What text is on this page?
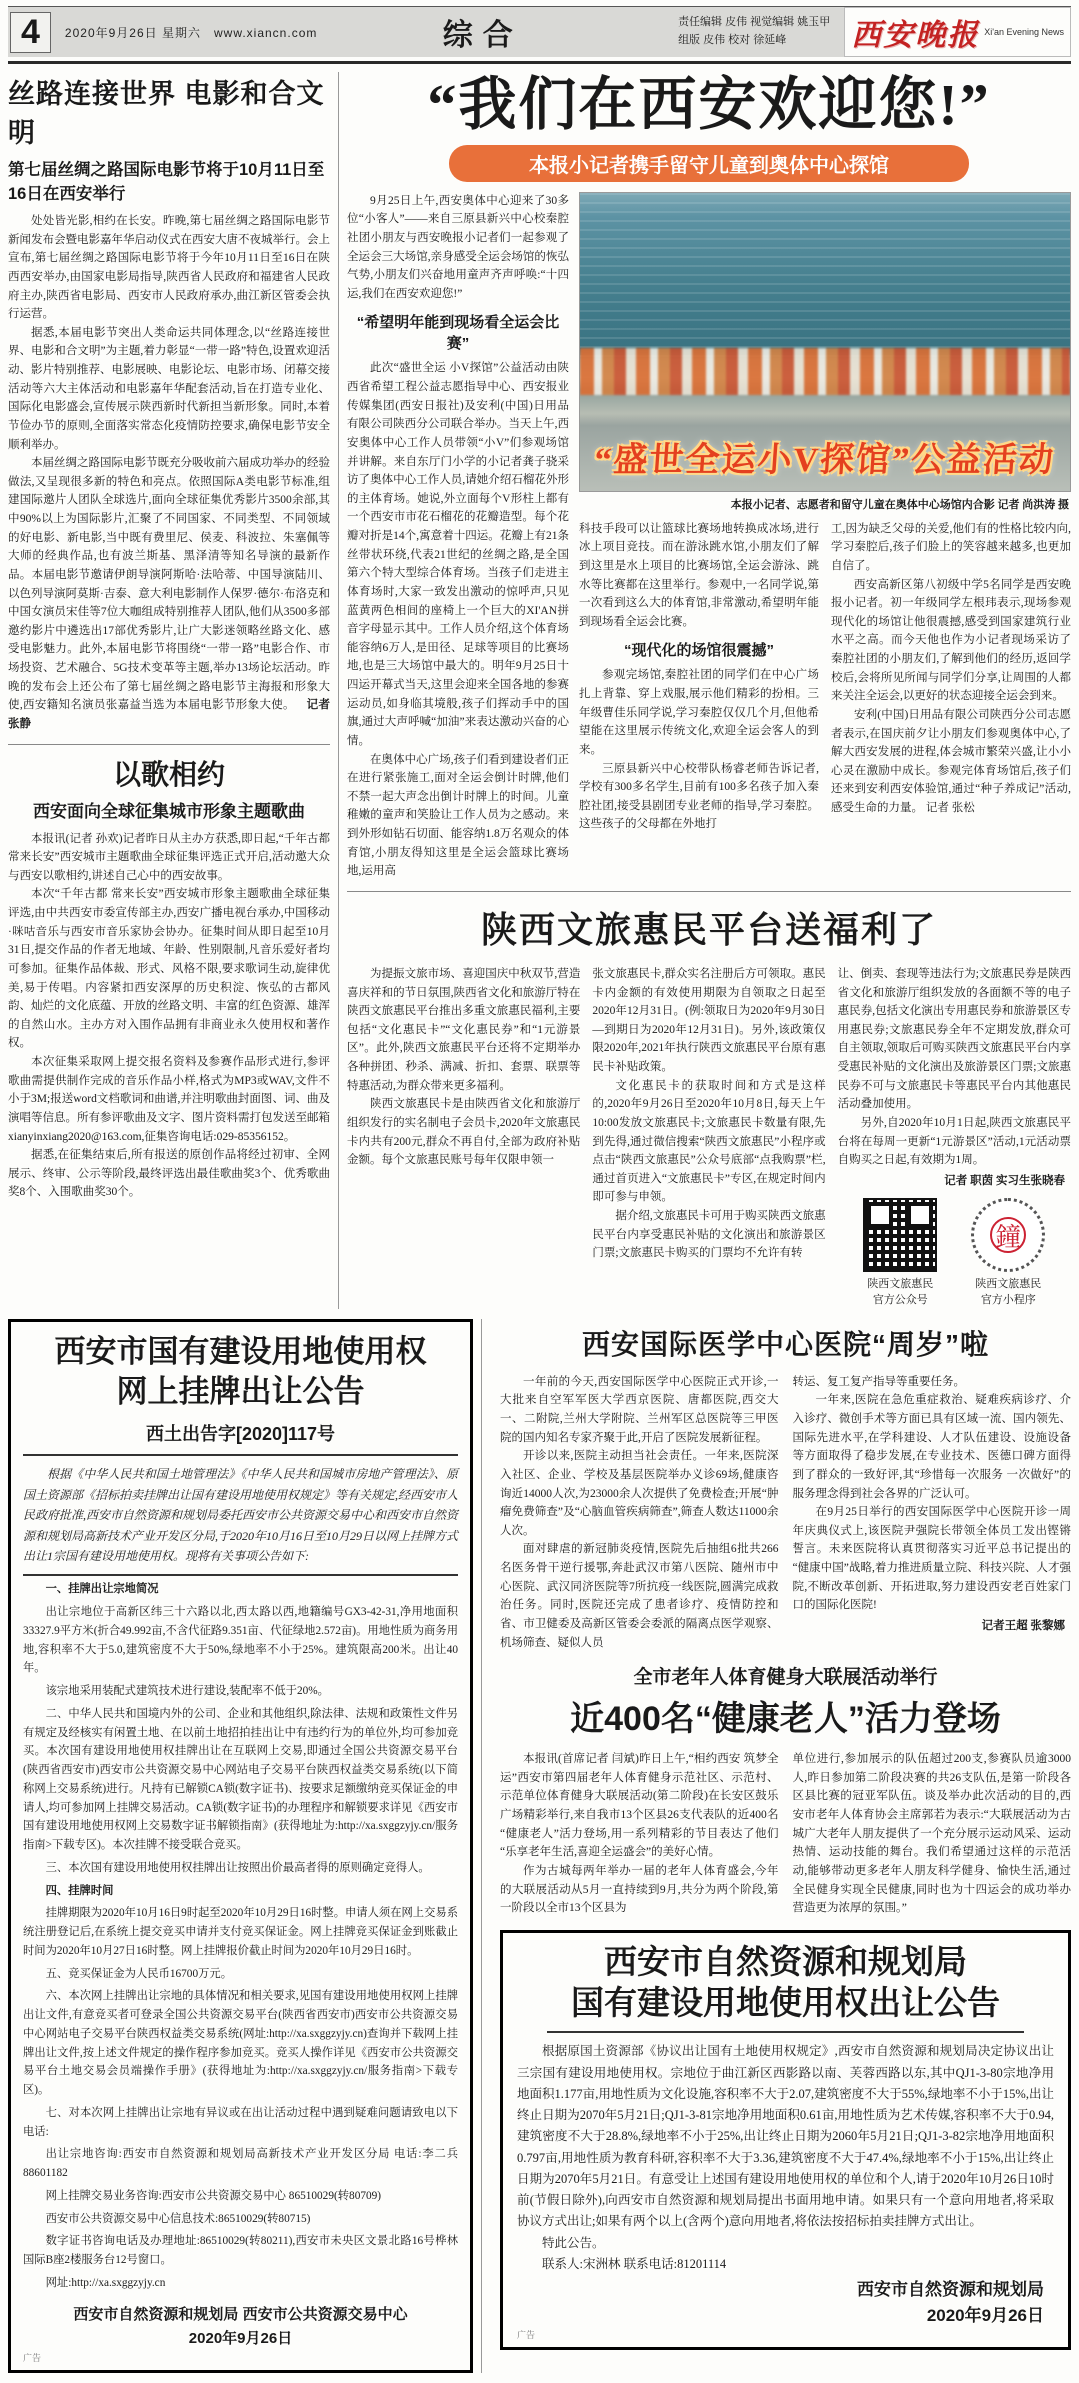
4	2020年9月26日 星期六 www.xiancn.com	综合	责任编辑 皮伟 视觉编辑 姚玉甲
组版 皮伟 校对 徐延峰	西安晚报 Xi'an Evening News
丝路连接世界 电影和合文明
第七届丝绸之路国际电影节将于10月11日至16日在西安举行

处处皆光影,相约在长安。昨晚,第七届丝绸之路国际电影节新闻发布会暨电影嘉年华启动仪式在西安大唐不夜城举行。会上宣布,第七届丝绸之路国际电影节将于今年10月11日至16日在陕西西安举办,由国家电影局指导,陕西省人民政府和福建省人民政府主办,陕西省电影局、西安市人民政府承办,曲江新区管委会执行运营。

据悉,本届电影节突出人类命运共同体理念,以“丝路连接世界、电影和合文明”为主题,着力彰显“一带一路”特色,设置欢迎活动、影片特别推荐、电影展映、电影论坛、电影市场、闭幕交接活动等六大主体活动和电影嘉年华配套活动,旨在打造专业化、国际化电影盛会,宣传展示陕西新时代新担当新形象。同时,本着节俭办节的原则,全面落实常态化疫情防控要求,确保电影节安全顺利举办。

本届丝绸之路国际电影节既充分吸收前六届成功举办的经验做法,又呈现很多新的特色和亮点。依照国际A类电影节标准,组建国际邀片人团队全球选片,面向全球征集优秀影片3500余部,其中90%以上为国际影片,汇聚了不同国家、不同类型、不同领域的好电影、新电影,当中既有费里尼、侯麦、科波拉、朱塞佩等大师的经典作品,也有波兰斯基、黑泽清等知名导演的最新作品。本届电影节邀请伊朗导演阿斯哈·法哈蒂、中国导演陆川、以色列导演阿莫斯·吉泰、意大利电影制作人保罗·德尔·布洛克和中国女演员宋佳等7位大咖组成特别推荐人团队,他们从3500多部邀约影片中遴选出17部优秀影片,让广大影迷领略丝路文化、感受电影魅力。此外,本届电影节将围绕“一带一路”电影合作、市场投资、艺术融合、5G技术变革等主题,举办13场论坛活动。昨晚的发布会上还公布了第七届丝绸之路电影节主海报和形象大使,西安籍知名演员张嘉益当选为本届电影节形象大使。  记者 张静

以歌相约
西安面向全球征集城市形象主题歌曲

本报讯(记者 孙欢)记者昨日从主办方获悉,即日起,“千年古都 常来长安”西安城市主题歌曲全球征集评选正式开启,活动邀大众与西安以歌相约,讲述自己心中的西安故事。

本次“千年古都 常来长安”西安城市形象主题歌曲全球征集评选,由中共西安市委宣传部主办,西安广播电视台承办,中国移动·咪咕音乐与西安市音乐家协会协办。征集时间从即日起至10月31日,提交作品的作者无地域、年龄、性别限制,凡音乐爱好者均可参加。征集作品体裁、形式、风格不限,要求歌词生动,旋律优美,易于传唱。内容紧扣西安深厚的历史积淀、恢弘的古都风韵、灿烂的文化底蕴、开放的丝路文明、丰富的红色资源、雄浑的自然山水。主办方对入围作品拥有非商业永久使用权和著作权。

本次征集采取网上提交报名资料及参赛作品形式进行,参评歌曲需提供制作完成的音乐作品小样,格式为MP3或WAV,文件不小于3M;报送word文档歌词和曲谱,并注明歌曲封面图、词、曲及演唱等信息。所有参评歌曲及文字、图片资料需打包发送至邮箱xianyinxiang2020@163.com,征集咨询电话:029-85356152。

据悉,在征集结束后,所有报送的原创作品将经过初审、全网展示、终审、公示等阶段,最终评选出最佳歌曲奖3个、优秀歌曲奖8个、入围歌曲奖30个。

“我们在西安欢迎您!”
本报小记者携手留守儿童到奥体中心探馆

9月25日上午,西安奥体中心迎来了30多位“小客人”——来自三原县新兴中心校秦腔社团小朋友与西安晚报小记者们一起参观了全运会三大场馆,亲身感受全运会场馆的恢弘气势,小朋友们兴奋地用童声齐声呼唤:“十四运,我们在西安欢迎您!”

“希望明年能到现场看全运会比赛”

此次“盛世全运 小V探馆”公益活动由陕西省希望工程公益志愿指导中心、西安报业传媒集团(西安日报社)及安利(中国)日用品有限公司陕西分公司联合举办。当天上午,西安奥体中心工作人员带领“小V”们参观场馆并讲解。来自东厅门小学的小记者龚子骁采访了奥体中心工作人员,请她介绍石榴花外形的主体育场。她说,外立面每个V形柱上都有一个西安市市花石榴花的花瓣造型。每个花瓣对折是14个,寓意着十四运。花瓣上有21条丝带状环绕,代表21世纪的丝绸之路,是全国第六个特大型综合体育场。当孩子们走进主体育场时,大家一致发出激动的惊呼声,只见蓝黄两色相间的座椅上一个巨大的XI'AN拼音字母显示其中。工作人员介绍,这个体育场能容纳6万人,是田径、足球等项目的比赛场地,也是三大场馆中最大的。明年9月25日十四运开幕式当天,这里会迎来全国各地的参赛运动员,如身临其境般,孩子们挥动手中的国旗,通过大声呼喊“加油”来表达激动兴奋的心情。

在奥体中心广场,孩子们看到建设者们正在进行紧张施工,面对全运会倒计时牌,他们不禁一起大声念出倒计时牌上的时间。儿童稚嫩的童声和笑脸让工作人员为之感动。来到外形如钻石切面、能容纳1.8万名观众的体育馆,小朋友得知这里是全运会篮球比赛场地,运用高

“盛世全运小V探馆”公益活动
本报小记者、志愿者和留守儿童在奥体中心场馆内合影 记者 尚洪涛 摄

科技手段可以让篮球比赛场地转换成冰场,进行冰上项目竞技。而在游泳跳水馆,小朋友们了解到这里是水上项目的比赛场馆,全运会游泳、跳水等比赛都在这里举行。参观中,一名同学说,第一次看到这么大的体育馆,非常激动,希望明年能到现场看全运会比赛。

“现代化的场馆很震撼”

参观完场馆,秦腔社团的同学们在中心广场扎上背靠、穿上戏服,展示他们精彩的扮相。三年级曹佳乐同学说,学习秦腔仅仅几个月,但他希望能在这里展示传统文化,欢迎全运会客人的到来。

三原县新兴中心校带队杨睿老师告诉记者,学校有300多名学生,目前有100多名孩子加入秦腔社团,接受县剧团专业老师的指导,学习秦腔。这些孩子的父母都在外地打

工,因为缺乏父母的关爱,他们有的性格比较内向,学习秦腔后,孩子们脸上的笑容越来越多,也更加自信了。

西安高新区第八初级中学5名同学是西安晚报小记者。初一年级同学左根玮表示,现场参观现代化的场馆让他很震撼,感受到国家建筑行业水平之高。而今天他也作为小记者现场采访了秦腔社团的小朋友们,了解到他们的经历,返回学校后,会将所见所闻与同学们分享,让周围的人都来关注全运会,以更好的状态迎接全运会到来。

安利(中国)日用品有限公司陕西分公司志愿者表示,在国庆前夕让小朋友们参观奥体中心,了解大西安发展的进程,体会城市繁荣兴盛,让小小心灵在激励中成长。参观完体育场馆后,孩子们还来到安利西安体验馆,通过“种子养成记”活动,感受生命的力量。 记者 张松

陕西文旅惠民平台送福利了

为提振文旅市场、喜迎国庆中秋双节,营造喜庆祥和的节日氛围,陕西省文化和旅游厅特在陕西文旅惠民平台推出多重文旅惠民福利,主要包括“文化惠民卡”“文化惠民券”和“1元游景区”。此外,陕西文旅惠民平台还将不定期举办各种拼团、秒杀、满减、折扣、套票、联票等特惠活动,为群众带来更多福利。

陕西文旅惠民卡是由陕西省文化和旅游厅组织发行的实名制电子会员卡,2020年文旅惠民卡内共有200元,群众不再自付,全部为政府补贴金额。每个文旅惠民账号每年仅限申领一

张文旅惠民卡,群众实名注册后方可领取。惠民卡内金额的有效使用期限为自领取之日起至2020年12月31日。(例:领取日为2020年9月30日—到期日为2020年12月31日)。另外,该政策仅限2020年,2021年执行陕西文旅惠民平台原有惠民卡补贴政策。

文化惠民卡的获取时间和方式是这样的,2020年9月26日至2020年10月8日,每天上午10:00发放文旅惠民卡;文旅惠民卡数量有限,先到先得,通过微信搜索“陕西文旅惠民”小程序或点击“陕西文旅惠民”公众号底部“点我购票”栏,通过首页进入“文旅惠民卡”专区,在规定时间内即可参与申领。

据介绍,文旅惠民卡可用于购买陕西文旅惠民平台内享受惠民补贴的文化演出和旅游景区门票;文旅惠民卡购买的门票均不允许有转

让、倒卖、套现等违法行为;文旅惠民券是陕西省文化和旅游厅组织发放的各面额不等的电子惠民券,包括文化演出专用惠民券和旅游景区专用惠民券;文旅惠民券全年不定期发放,群众可自主领取,领取后可购买陕西文旅惠民平台内享受惠民补贴的文化演出及旅游景区门票;文旅惠民券不可与文旅惠民卡等惠民平台内其他惠民活动叠加使用。

另外,自2020年10月1日起,陕西文旅惠民平台将在每周一更新“1元游景区”活动,1元活动票自购买之日起,有效期为1周。

记者 职茵 实习生张晓春
陕西文旅惠民
官方公众号
鐘
陕西文旅惠民
官方小程序
西安市国有建设用地使用权
网上挂牌出让公告
西土出告字[2020]117号

根据《中华人民共和国土地管理法》《中华人民共和国城市房地产管理法》、原国土资源部《招标拍卖挂牌出让国有建设用地使用权规定》等有关规定,经西安市人民政府批准,西安市自然资源和规划局委托西安市公共资源交易中心和西安市自然资源和规划局高新技术产业开发区分局,于2020年10月16日至10月29日以网上挂牌方式出让1宗国有建设用地使用权。现将有关事项公告如下:

一、挂牌出让宗地简况

出让宗地位于高新区纬三十六路以北,西太路以西,地籍编号GX3-42-31,净用地面积33327.9平方米(折合49.992亩,不含代征路9.351亩、代征绿地2.572亩)。用地性质为商务用地,容积率不大于5.0,建筑密度不大于50%,绿地率不小于25%。建筑限高200米。出让40年。

该宗地采用装配式建筑技术进行建设,装配率不低于20%。

二、中华人民共和国境内外的公司、企业和其他组织,除法律、法规和政策性文件另有规定及经核实有闲置土地、在以前土地招拍挂出让中有违约行为的单位外,均可参加竞买。本次国有建设用地使用权挂牌出让在互联网上交易,即通过全国公共资源交易平台(陕西省西安市)西安市公共资源交易中心网站电子交易平台陕西权益类交易系统(以下简称网上交易系统)进行。凡持有已解锁CA锁(数字证书)、按要求足额缴纳竞买保证金的申请人,均可参加网上挂牌交易活动。CA锁(数字证书)的办理程序和解锁要求详见《西安市国有建设用地使用权网上交易数字证书解锁指南》(获得地址为:http://xa.sxggzyjy.cn/服务指南>下载专区)。本次挂牌不接受联合竞买。

三、本次国有建设用地使用权挂牌出让按照出价最高者得的原则确定竞得人。

四、挂牌时间

挂牌期限为2020年10月16日9时起至2020年10月29日16时整。申请人须在网上交易系统注册登记后,在系统上提交竞买申请并支付竞买保证金。网上挂牌竞买保证金到账截止时间为2020年10月27日16时整。网上挂牌报价截止时间为2020年10月29日16时。

五、竞买保证金为人民币16700万元。

六、本次网上挂牌出让宗地的具体情况和相关要求,见国有建设用地使用权网上挂牌出让文件,有意竞买者可登录全国公共资源交易平台(陕西省西安市)西安市公共资源交易中心网站电子交易平台陕西权益类交易系统(网址:http://xa.sxggzyjy.cn)查询并下载网上挂牌出让文件,按上述文件规定的操作程序参加竞买。竞买人操作详见《西安市公共资源交易平台土地交易会员端操作手册》(获得地址为:http://xa.sxggzyjy.cn/服务指南>下载专区)。

七、对本次网上挂牌出让宗地有异议或在出让活动过程中遇到疑难问题请致电以下电话:

出让宗地咨询:西安市自然资源和规划局高新技术产业开发区分局 电话:李二兵 88601182

网上挂牌交易业务咨询:西安市公共资源交易中心 86510029(转80709)

西安市公共资源交易中心信息技术:86510029(转80715)

数字证书咨询电话及办理地址:86510029(转80211),西安市未央区文景北路16号桦林国际B座2楼服务台12号窗口。

网址:http://xa.sxggzyjy.cn

西安市自然资源和规划局 西安市公共资源交易中心
2020年9月26日
广告
西安国际医学中心医院“周岁”啦

一年前的今天,西安国际医学中心医院正式开诊,一大批来自空军军医大学西京医院、唐都医院,西交大一、二附院,兰州大学附院、兰州军区总医院等三甲医院的国内知名专家齐聚于此,开启了医院发展新征程。

开诊以来,医院主动担当社会责任。一年来,医院深入社区、企业、学校及基层医院举办义诊69场,健康咨询近14000人次,为23000余人次提供了免费检查;开展“肿瘤免费筛查”及“心脑血管疾病筛查”,筛查人数达11000余人次。

面对肆虐的新冠肺炎疫情,医院先后抽组6批共266名医务骨干逆行援鄂,奔赴武汉市第八医院、随州市中心医院、武汉同济医院等7所抗疫一线医院,圆满完成救治任务。同时,医院还完成了患者诊疗、疫情防控和省、市卫健委及高新区管委会委派的隔离点医学观察、机场筛查、疑似人员

转运、复工复产指导等重要任务。

一年来,医院在急危重症救治、疑难疾病诊疗、介入诊疗、微创手术等方面已具有区域一流、国内领先、国际先进水平,在学科建设、人才队伍建设、设施设备等方面取得了稳步发展,在专业技术、医德口碑方面得到了群众的一致好评,其“珍惜每一次服务 一次做好”的服务理念得到社会各界的广泛认可。

在9月25日举行的西安国际医学中心医院开诊一周年庆典仪式上,该医院尹强院长带领全体员工发出铿锵誓言。未来医院将认真贯彻落实习近平总书记提出的“健康中国”战略,着力推进质量立院、科技兴院、人才强院,不断改革创新、开拓进取,努力建设西安老百姓家门口的国际化医院!

记者王超 张黎娜
全市老年人体育健身大联展活动举行
近400名“健康老人”活力登场

本报讯(首席记者 闫斌)昨日上午,“相约西安 筑梦全运”西安市第四届老年人体育健身示范社区、示范村、示范单位体育健身大联展活动(第二阶段)在长安区鼓乐广场精彩举行,来自我市13个区县26支代表队的近400名“健康老人”活力登场,用一系列精彩的节目表达了他们“乐享老年生活,喜迎全运盛会”的美好心情。

作为古城每两年举办一届的老年人体育盛会,今年的大联展活动从5月一直持续到9月,共分为两个阶段,第一阶段以全市13个区县为

单位进行,参加展示的队伍超过200支,参赛队员逾3000人,昨日参加第二阶段决赛的共26支队伍,是第一阶段各区县比赛的冠亚军队伍。谈及举办此次活动的目的,西安市老年人体育协会主席郭若为表示:“大联展活动为古城广大老年人朋友提供了一个充分展示运动风采、运动热情、运动技能的舞台。我们希望通过这样的示范活动,能够带动更多老年人朋友科学健身、愉快生活,通过全民健身实现全民健康,同时也为十四运会的成功举办营造更为浓厚的氛围。”

西安市自然资源和规划局
国有建设用地使用权出让公告

根据原国土资源部《协议出让国有土地使用权规定》,西安市自然资源和规划局决定协议出让三宗国有建设用地使用权。宗地位于曲江新区西影路以南、芙蓉西路以东,其中QJ1-3-80宗地净用地面积1.177亩,用地性质为文化设施,容积率不大于2.07,建筑密度不大于55%,绿地率不小于15%,出让终止日期为2070年5月21日;QJ1-3-81宗地净用地面积0.61亩,用地性质为艺术传媒,容积率不大于0.94,建筑密度不大于28.8%,绿地率不小于25%,出让终止日期为2060年5月21日;QJ1-3-82宗地净用地面积0.797亩,用地性质为教育科研,容积率不大于3.36,建筑密度不大于47.4%,绿地率不小于15%,出让终止日期为2070年5月21日。有意受让上述国有建设用地使用权的单位和个人,请于2020年10月26日10时前(节假日除外),向西安市自然资源和规划局提出书面用地申请。如果只有一个意向用地者,将采取协议方式出让;如果有两个以上(含两个)意向用地者,将依法按招标拍卖挂牌方式出让。

特此公告。

联系人:宋洲林 联系电话:81201114

西安市自然资源和规划局
2020年9月26日
广告
